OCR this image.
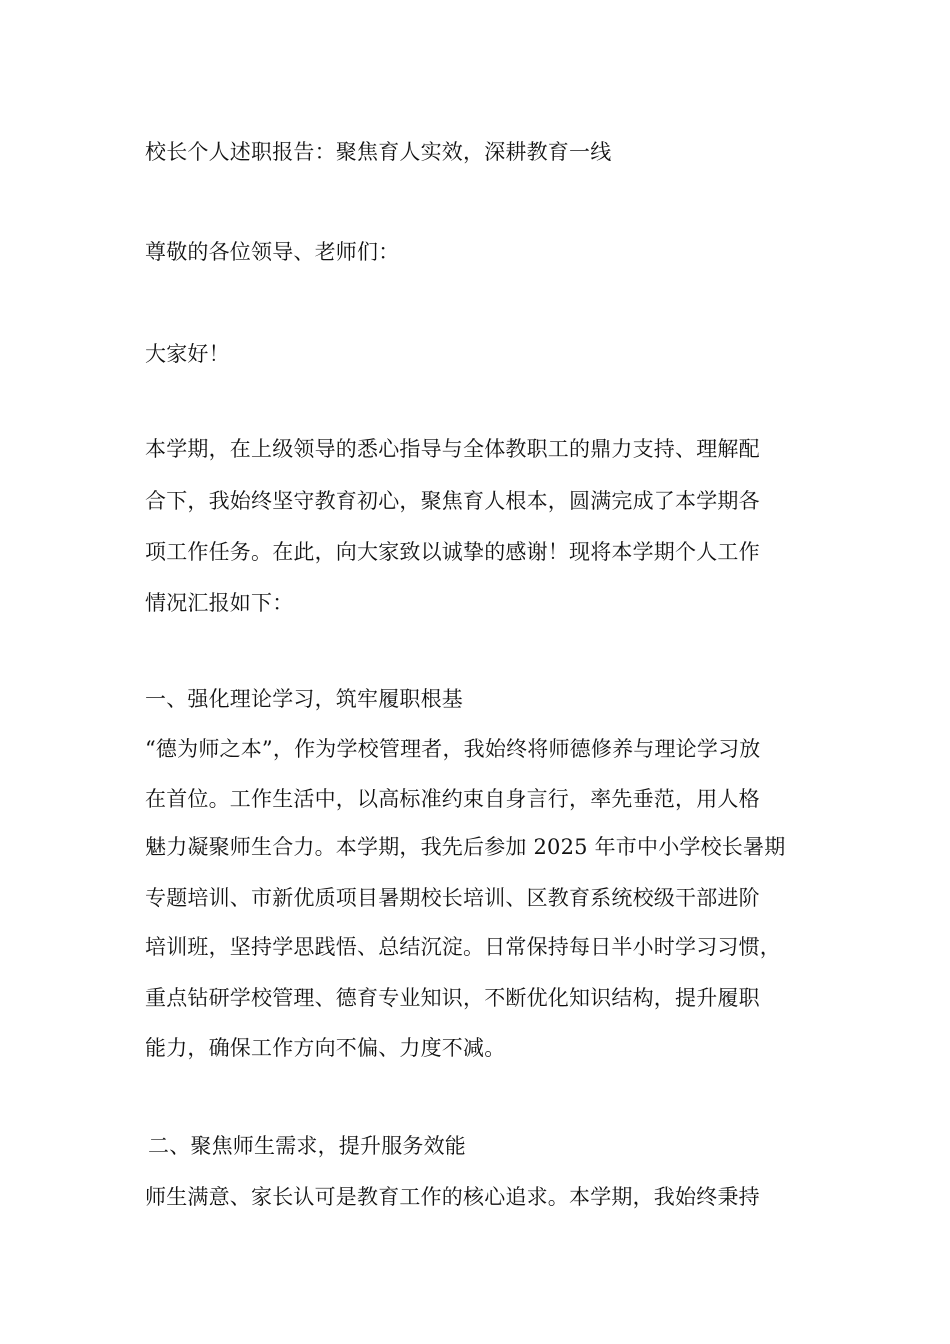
校长个人述职报告：聚焦育人实效，深耕教育一线
尊敬的各位领导、老师们：
大家好！
本学期，在上级领导的悉心指导与全体教职工的鼎力支持、理解配
合下，我始终坚守教育初心，聚焦育人根本，圆满完成了本学期各
项工作任务。在此，向大家致以诚挚的感谢！现将本学期个人工作
情况汇报如下：
一、强化理论学习，筑牢履职根基
“德为师之本”，作为学校管理者，我始终将师德修养与理论学习放
在首位。工作生活中，以高标准约束自身言行，率先垂范，用人格
魅力凝聚师生合力。本学期，我先后参加 2025 年市中小学校长暑期
专题培训、市新优质项目暑期校长培训、区教育系统校级干部进阶
培训班，坚持学思践悟、总结沉淀。日常保持每日半小时学习习惯，
重点钻研学校管理、德育专业知识，不断优化知识结构，提升履职
能力，确保工作方向不偏、力度不减。
二、聚焦师生需求，提升服务效能
师生满意、家长认可是教育工作的核心追求。本学期，我始终秉持
